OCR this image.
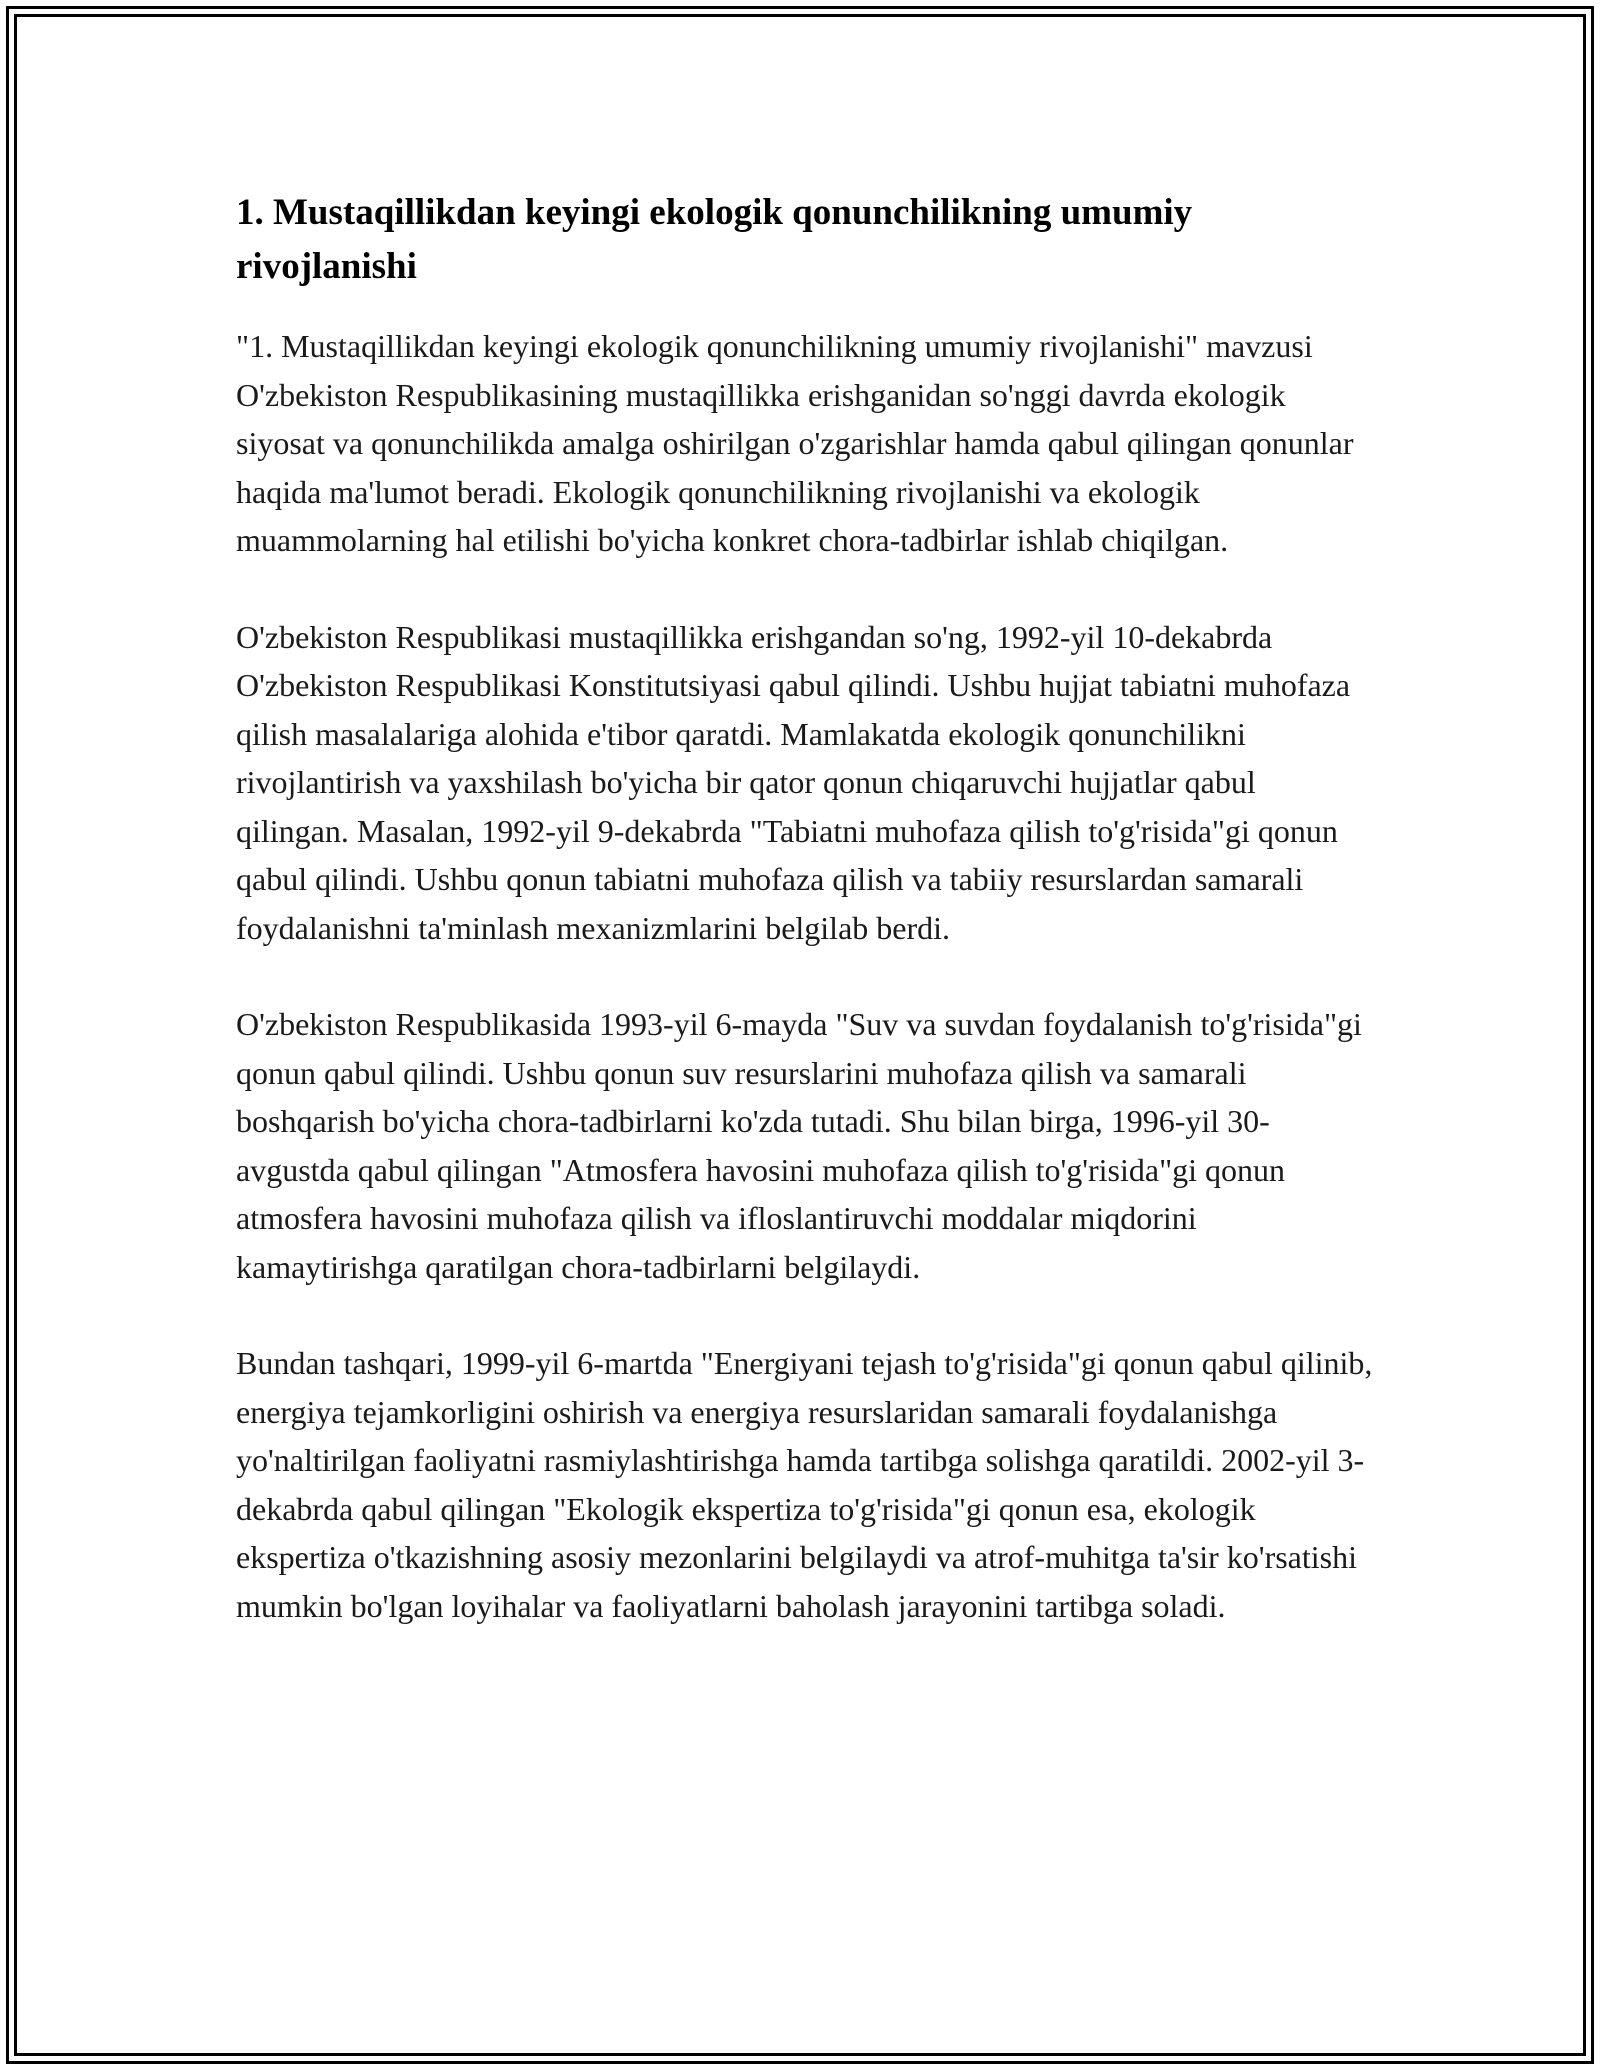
1. Mustaqillikdan keyingi ekologik qonunchilikning umumiy rivojlanishi

"1. Mustaqillikdan keyingi ekologik qonunchilikning umumiy rivojlanishi" mavzusi O'zbekiston Respublikasining mustaqillikka erishganidan so'nggi davrda ekologik siyosat va qonunchilikda amalga oshirilgan o'zgarishlar hamda qabul qilingan qonunlar haqida ma'lumot beradi. Ekologik qonunchilikning rivojlanishi va ekologik muammolarning hal etilishi bo'yicha konkret chora-tadbirlar ishlab chiqilgan.

O'zbekiston Respublikasi mustaqillikka erishgandan so'ng, 1992-yil 10-dekabrda O'zbekiston Respublikasi Konstitutsiyasi qabul qilindi. Ushbu hujjat tabiatni muhofaza qilish masalalariga alohida e'tibor qaratdi. Mamlakatda ekologik qonunchilikni rivojlantirish va yaxshilash bo'yicha bir qator qonun chiqaruvchi hujjatlar qabul qilingan. Masalan, 1992-yil 9-dekabrda "Tabiatni muhofaza qilish to'g'risida"gi qonun qabul qilindi. Ushbu qonun tabiatni muhofaza qilish va tabiiy resurslardan samarali foydalanishni ta'minlash mexanizmlarini belgilab berdi.

O'zbekiston Respublikasida 1993-yil 6-mayda "Suv va suvdan foydalanish to'g'risida"gi qonun qabul qilindi. Ushbu qonun suv resurslarini muhofaza qilish va samarali boshqarish bo'yicha chora-tadbirlarni ko'zda tutadi. Shu bilan birga, 1996-yil 30-avgustda qabul qilingan "Atmosfera havosini muhofaza qilish to'g'risida"gi qonun atmosfera havosini muhofaza qilish va ifloslantiruvchi moddalar miqdorini kamaytirishga qaratilgan chora-tadbirlarni belgilaydi.

Bundan tashqari, 1999-yil 6-martda "Energiyani tejash to'g'risida"gi qonun qabul qilinib, energiya tejamkorligini oshirish va energiya resurslaridan samarali foydalanishga yo'naltirilgan faoliyatni rasmiylashtirishga hamda tartibga solishga qaratildi. 2002-yil 3-dekabrda qabul qilingan "Ekologik ekspertiza to'g'risida"gi qonun esa, ekologik ekspertiza o'tkazishning asosiy mezonlarini belgilaydi va atrof-muhitga ta'sir ko'rsatishi mumkin bo'lgan loyihalar va faoliyatlarni baholash jarayonini tartibga soladi.
